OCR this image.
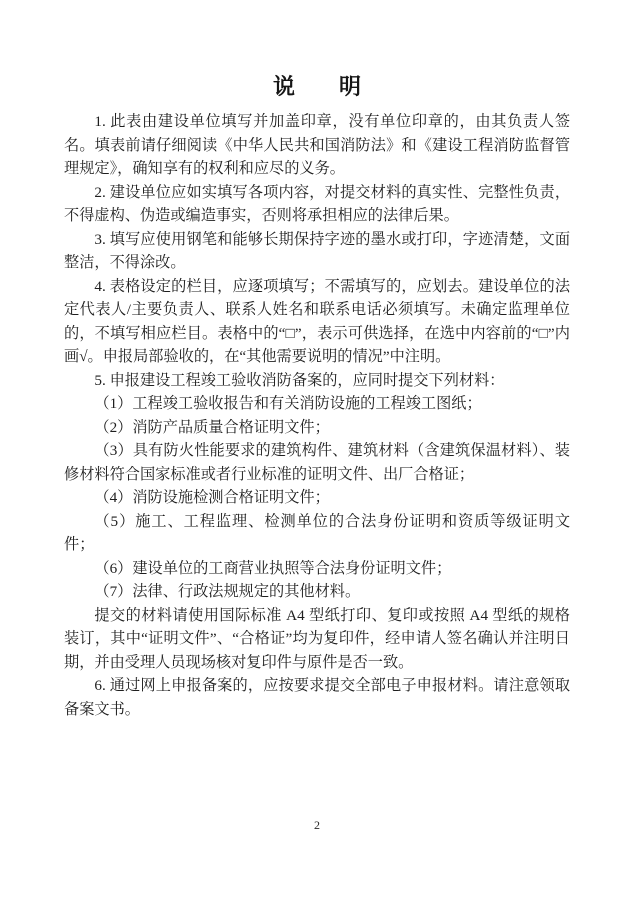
说　　明

1. 此表由建设单位填写并加盖印章，没有单位印章的，由其负责人签名。填表前请仔细阅读《中华人民共和国消防法》和《建设工程消防监督管理规定》，确知享有的权利和应尽的义务。

2. 建设单位应如实填写各项内容，对提交材料的真实性、完整性负责，不得虚构、伪造或编造事实，否则将承担相应的法律后果。

3. 填写应使用钢笔和能够长期保持字迹的墨水或打印，字迹清楚，文面整洁，不得涂改。

4. 表格设定的栏目，应逐项填写；不需填写的，应划去。建设单位的法定代表人/主要负责人、联系人姓名和联系电话必须填写。未确定监理单位的，不填写相应栏目。表格中的“□”，表示可供选择，在选中内容前的“□”内画√。申报局部验收的，在“其他需要说明的情况”中注明。

5. 申报建设工程竣工验收消防备案的，应同时提交下列材料：

（1）工程竣工验收报告和有关消防设施的工程竣工图纸；

（2）消防产品质量合格证明文件；

（3）具有防火性能要求的建筑构件、建筑材料（含建筑保温材料）、装修材料符合国家标准或者行业标准的证明文件、出厂合格证；

（4）消防设施检测合格证明文件；

（5）施工、工程监理、检测单位的合法身份证明和资质等级证明文件；

（6）建设单位的工商营业执照等合法身份证明文件；

（7）法律、行政法规规定的其他材料。

提交的材料请使用国际标准 A4 型纸打印、复印或按照 A4 型纸的规格装订，其中“证明文件”、“合格证”均为复印件，经申请人签名确认并注明日期，并由受理人员现场核对复印件与原件是否一致。

6. 通过网上申报备案的，应按要求提交全部电子申报材料。请注意领取备案文书。

2
